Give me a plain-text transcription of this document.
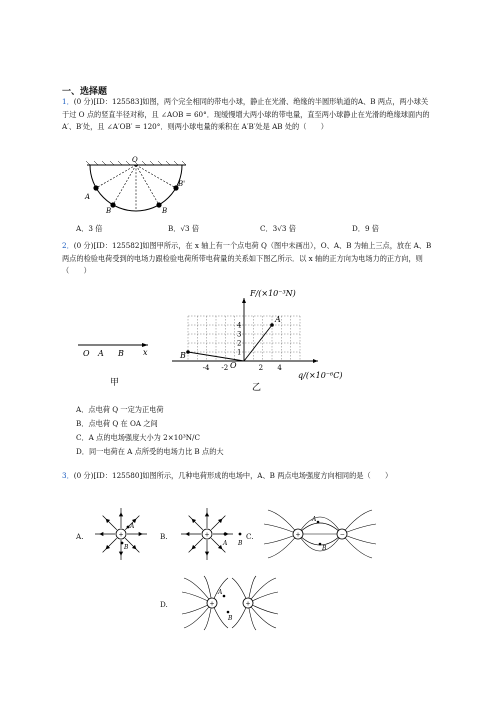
一、选择题
1．(0 分)[ID：125583]如图，两个完全相同的带电小球，静止在光滑、绝缘的半圆形轨道的A、B 两点，两小球关于过 O 点的竖直半径对称，且 ∠AOB = 60°．现缓慢增大两小球的带电量，直至两小球静止在光滑的绝缘球面内的 A′、B′处，且 ∠A′OB′ = 120°．则两小球电量的乘积在 A′B′处是 AB 处的（　　）
O
B	B
A
B'
A．3 倍	B．√3 倍	C．3√3 倍	D．9 倍
2．(0 分)[ID：125582]如图甲所示，在 x 轴上有一个点电荷 Q（图中未画出），O、A、B 为轴上三点，放在 A、B 两点的检验电荷受到的电场力跟检验电荷所带电荷量的关系如下图乙所示．以 x 轴的正方向为电场力的正方向，则（　　）
O A B x
甲
A
B	1
2
3
4
-4 -2	2 4
F/(×10⁻³N)
q/(×10⁻⁶C)
O
乙
A．点电荷 Q 一定为正电荷
B．点电荷 Q 在 OA 之间
C．A 点的电场强度大小为 2×10³N/C
D．同一电荷在 A 点所受的电场力比 B 点的大
3．(0 分)[ID：125580]如图所示，几种电荷形成的电场中，A、B 两点电场强度方向相同的是（　　）
A.	+
A
B
B.	+
A B
C.	+	−
A
B
D.	+	+
A
B
